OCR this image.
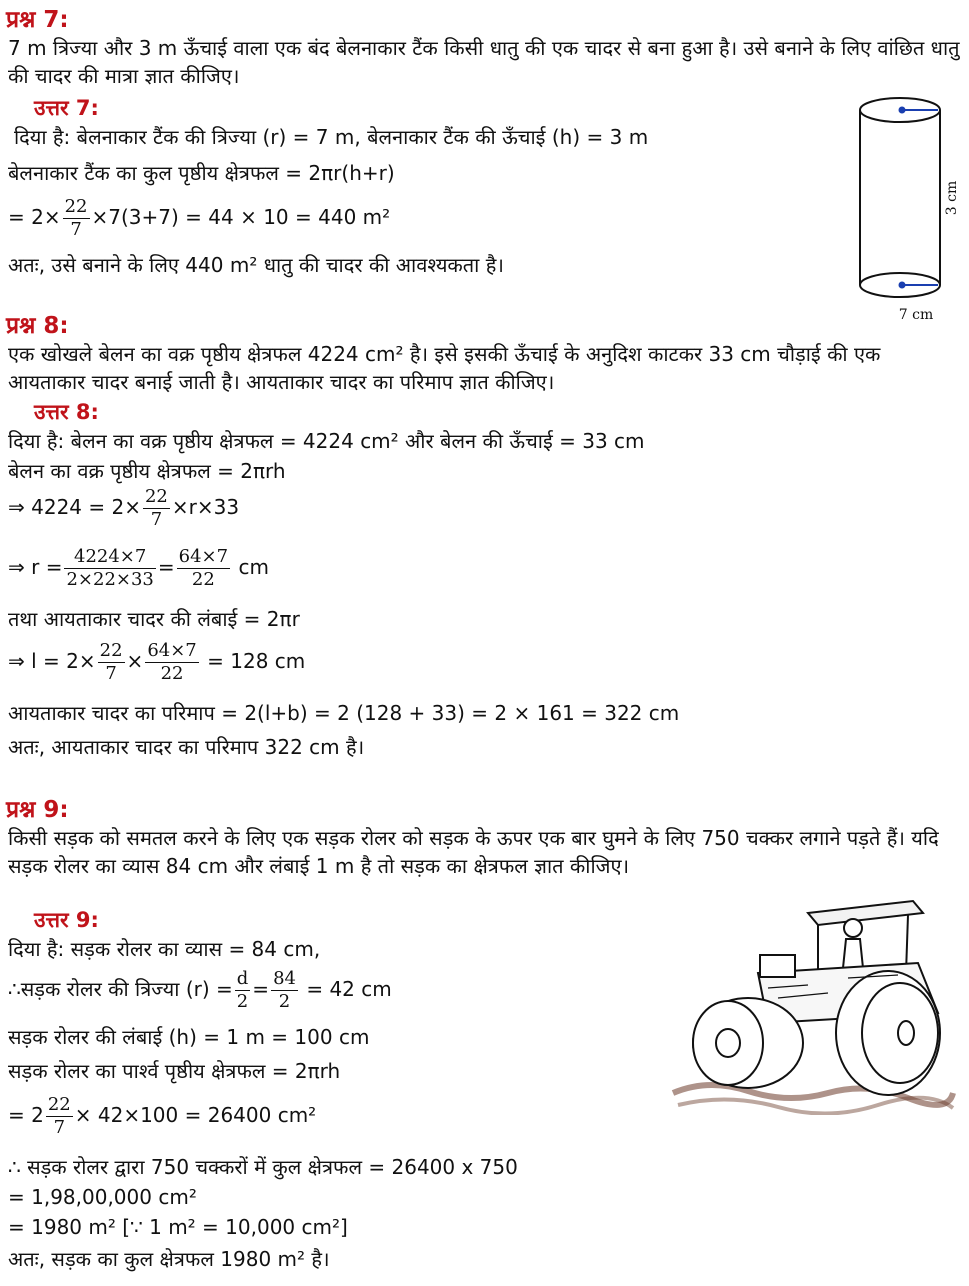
प्रश्न 7:
7 m त्रिज्या और 3 m ऊँचाई वाला एक बंद बेलनाकार टैंक किसी धातु की एक चादर से बना हुआ है। उसे बनाने के लिए वांछित धातु की चादर की मात्रा ज्ञात कीजिए।
उत्तर 7:
दिया है: बेलनाकार टैंक की त्रिज्या (r) = 7 m, बेलनाकार टैंक की ऊँचाई (h) = 3 m
बेलनाकार टैंक का कुल पृष्ठीय क्षेत्रफल = 2πr(h+r)
= $2\times \frac{22}{7} \times 7(3+7) = 44 \times 10 = 440$ m²
अतः, उसे बनाने के लिए 440 m² धातु की चादर की आवश्यकता है।
3 cm
7 cm
प्रश्न 8:
एक खोखले बेलन का वक्र पृष्ठीय क्षेत्रफल 4224 cm² है। इसे इसकी ऊँचाई के अनुदिश काटकर 33 cm चौड़ाई की एक आयताकार चादर बनाई जाती है। आयताकार चादर का परिमाप ज्ञात कीजिए।
उत्तर 8:
दिया है: बेलन का वक्र पृष्ठीय क्षेत्रफल = 4224 cm² और बेलन की ऊँचाई = 33 cm
बेलन का वक्र पृष्ठीय क्षेत्रफल = 2πrh
⇒ $4224 = 2\times \frac{22}{7} \times r\times 33$
⇒ $r = \frac{4224\times 7}{2\times 22\times 33} = \frac{64\times 7}{22}$ cm
तथा आयताकार चादर की लंबाई = 2πr
⇒ $l = 2\times \frac{22}{7} \times \frac{64\times 7}{22} = 128$ cm
आयताकार चादर का परिमाप = 2(l+b) = 2 (128 + 33) = 2 × 161 = 322 cm
अतः, आयताकार चादर का परिमाप 322 cm है।
प्रश्न 9:
किसी सड़क को समतल करने के लिए एक सड़क रोलर को सड़क के ऊपर एक बार घुमने के लिए 750 चक्कर लगाने पड़ते हैं। यदि सड़क रोलर का व्यास 84 cm और लंबाई 1 m है तो सड़क का क्षेत्रफल ज्ञात कीजिए।
उत्तर 9:
दिया है: सड़क रोलर का व्यास = 84 cm,
∴सड़क रोलर की त्रिज्या $(r) = \frac{d}{2} = \frac{84}{2} = 42$ cm
सड़क रोलर की लंबाई (h) = 1 m = 100 cm
सड़क रोलर का पार्श्व पृष्ठीय क्षेत्रफल = 2πrh
= $2 \frac{22}{7} \times 42\times 100 = 26400$ cm²
∴ सड़क रोलर द्वारा 750 चक्करों में कुल क्षेत्रफल = 26400 x 750
= 1,98,00,000 cm²
= 1980 m² [∵ 1 m² = 10,000 cm²]
अतः, सड़क का कुल क्षेत्रफल 1980 m² है।
